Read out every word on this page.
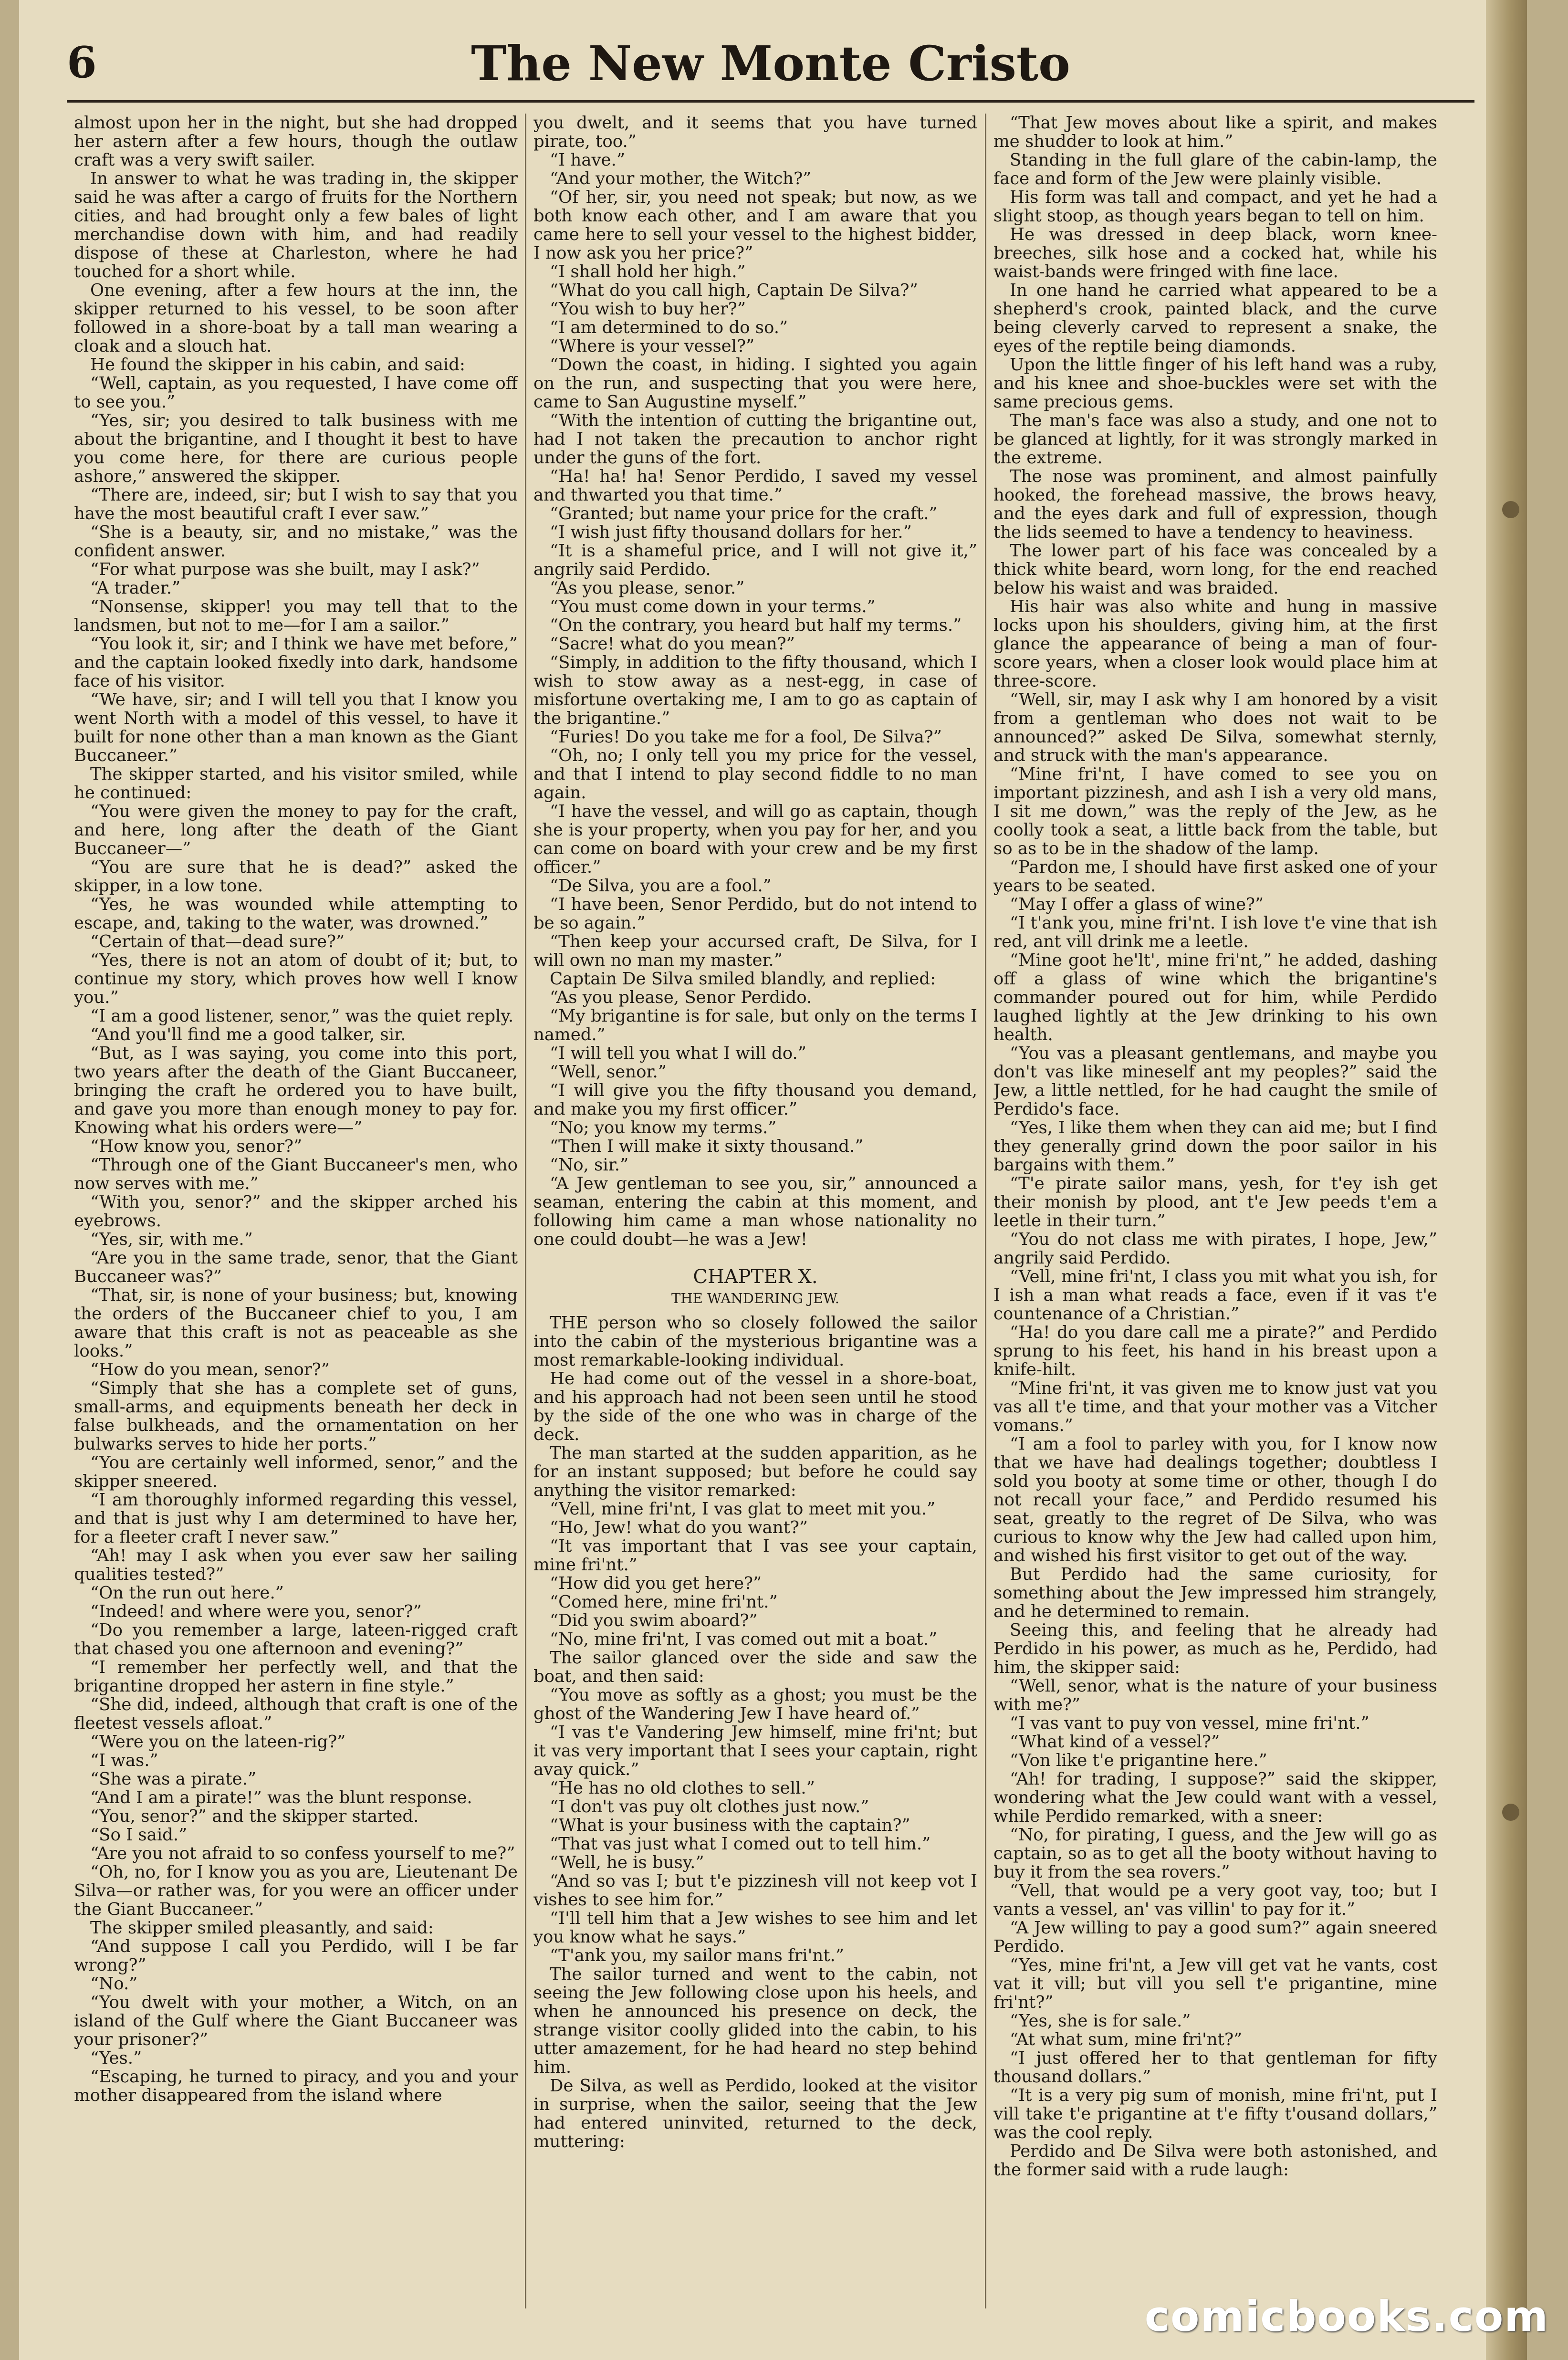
6	The New Monte Cristo

almost upon her in the night, but she had dropped her astern after a few hours, though the outlaw craft was a very swift sailer.

In answer to what he was trading in, the skipper said he was after a cargo of fruits for the Northern cities, and had brought only a few bales of light merchandise down with him, and had readily dispose of these at Charleston, where he had touched for a short while.

One evening, after a few hours at the inn, the skipper returned to his vessel, to be soon after followed in a shore-boat by a tall man wearing a cloak and a slouch hat.

He found the skipper in his cabin, and said:

“Well, captain, as you requested, I have come off to see you.”

“Yes, sir; you desired to talk business with me about the brigantine, and I thought it best to have you come here, for there are curious people ashore,” answered the skipper.

“There are, indeed, sir; but I wish to say that you have the most beautiful craft I ever saw.”

“She is a beauty, sir, and no mistake,” was the confident answer.

“For what purpose was she built, may I ask?”

“A trader.”

“Nonsense, skipper! you may tell that to the landsmen, but not to me—for I am a sailor.”

“You look it, sir; and I think we have met before,” and the captain looked fixedly into dark, handsome face of his visitor.

“We have, sir; and I will tell you that I know you went North with a model of this vessel, to have it built for none other than a man known as the Giant Buccaneer.”

The skipper started, and his visitor smiled, while he continued:

“You were given the money to pay for the craft, and here, long after the death of the Giant Buccaneer—”

“You are sure that he is dead?” asked the skipper, in a low tone.

“Yes, he was wounded while attempting to escape, and, taking to the water, was drowned.”

“Certain of that—dead sure?”

“Yes, there is not an atom of doubt of it; but, to continue my story, which proves how well I know you.”

“I am a good listener, senor,” was the quiet reply.

“And you'll find me a good talker, sir.

“But, as I was saying, you come into this port, two years after the death of the Giant Buccaneer, bringing the craft he ordered you to have built, and gave you more than enough money to pay for. Knowing what his orders were—”

“How know you, senor?”

“Through one of the Giant Buccaneer's men, who now serves with me.”

“With you, senor?” and the skipper arched his eyebrows.

“Yes, sir, with me.”

“Are you in the same trade, senor, that the Giant Buccaneer was?”

“That, sir, is none of your business; but, knowing the orders of the Buccaneer chief to you, I am aware that this craft is not as peaceable as she looks.”

“How do you mean, senor?”

“Simply that she has a complete set of guns, small-arms, and equipments beneath her deck in false bulkheads, and the ornamentation on her bulwarks serves to hide her ports.”

“You are certainly well informed, senor,” and the skipper sneered.

“I am thoroughly informed regarding this vessel, and that is just why I am determined to have her, for a fleeter craft I never saw.”

“Ah! may I ask when you ever saw her sailing qualities tested?”

“On the run out here.”

“Indeed! and where were you, senor?”

“Do you remember a large, lateen-rigged craft that chased you one afternoon and evening?”

“I remember her perfectly well, and that the brigantine dropped her astern in fine style.”

“She did, indeed, although that craft is one of the fleetest vessels afloat.”

“Were you on the lateen-rig?”

“I was.”

“She was a pirate.”

“And I am a pirate!” was the blunt response.

“You, senor?” and the skipper started.

“So I said.”

“Are you not afraid to so confess yourself to me?”

“Oh, no, for I know you as you are, Lieutenant De Silva—or rather was, for you were an officer under the Giant Buccaneer.”

The skipper smiled pleasantly, and said:

“And suppose I call you Perdido, will I be far wrong?”

“No.”

“You dwelt with your mother, a Witch, on an island of the Gulf where the Giant Buccaneer was your prisoner?”

“Yes.”

“Escaping, he turned to piracy, and you and your mother disappeared from the island where

you dwelt, and it seems that you have turned pirate, too.”

“I have.”

“And your mother, the Witch?”

“Of her, sir, you need not speak; but now, as we both know each other, and I am aware that you came here to sell your vessel to the highest bidder, I now ask you her price?”

“I shall hold her high.”

“What do you call high, Captain De Silva?”

“You wish to buy her?”

“I am determined to do so.”

“Where is your vessel?”

“Down the coast, in hiding. I sighted you again on the run, and suspecting that you were here, came to San Augustine myself.”

“With the intention of cutting the brigantine out, had I not taken the precaution to anchor right under the guns of the fort.

“Ha! ha! ha! Senor Perdido, I saved my vessel and thwarted you that time.”

“Granted; but name your price for the craft.”

“I wish just fifty thousand dollars for her.”

“It is a shameful price, and I will not give it,” angrily said Perdido.

“As you please, senor.”

“You must come down in your terms.”

“On the contrary, you heard but half my terms.”

“Sacre! what do you mean?”

“Simply, in addition to the fifty thousand, which I wish to stow away as a nest-egg, in case of misfortune overtaking me, I am to go as captain of the brigantine.”

“Furies! Do you take me for a fool, De Silva?”

“Oh, no; I only tell you my price for the vessel, and that I intend to play second fiddle to no man again.

“I have the vessel, and will go as captain, though she is your property, when you pay for her, and you can come on board with your crew and be my first officer.”

“De Silva, you are a fool.”

“I have been, Senor Perdido, but do not intend to be so again.”

“Then keep your accursed craft, De Silva, for I will own no man my master.”

Captain De Silva smiled blandly, and replied:

“As you please, Senor Perdido.

“My brigantine is for sale, but only on the terms I named.”

“I will tell you what I will do.”

“Well, senor.”

“I will give you the fifty thousand you demand, and make you my first officer.”

“No; you know my terms.”

“Then I will make it sixty thousand.”

“No, sir.”

“A Jew gentleman to see you, sir,” announced a seaman, entering the cabin at this moment, and following him came a man whose nationality no one could doubt—he was a Jew!

CHAPTER X.
THE WANDERING JEW.

THE person who so closely followed the sailor into the cabin of the mysterious brigantine was a most remarkable-looking individual.

He had come out of the vessel in a shore-boat, and his approach had not been seen until he stood by the side of the one who was in charge of the deck.

The man started at the sudden apparition, as he for an instant supposed; but before he could say anything the visitor remarked:

“Vell, mine fri'nt, I vas glat to meet mit you.”

“Ho, Jew! what do you want?”

“It vas important that I vas see your captain, mine fri'nt.”

“How did you get here?”

“Comed here, mine fri'nt.”

“Did you swim aboard?”

“No, mine fri'nt, I vas comed out mit a boat.”

The sailor glanced over the side and saw the boat, and then said:

“You move as softly as a ghost; you must be the ghost of the Wandering Jew I have heard of.”

“I vas t'e Vandering Jew himself, mine fri'nt; but it vas very important that I sees your captain, right avay quick.”

“He has no old clothes to sell.”

“I don't vas puy olt clothes just now.”

“What is your business with the captain?”

“That vas just what I comed out to tell him.”

“Well, he is busy.”

“And so vas I; but t'e pizzinesh vill not keep vot I vishes to see him for.”

“I'll tell him that a Jew wishes to see him and let you know what he says.”

“T'ank you, my sailor mans fri'nt.”

The sailor turned and went to the cabin, not seeing the Jew following close upon his heels, and when he announced his presence on deck, the strange visitor coolly glided into the cabin, to his utter amazement, for he had heard no step behind him.

De Silva, as well as Perdido, looked at the visitor in surprise, when the sailor, seeing that the Jew had entered uninvited, returned to the deck, muttering:

“That Jew moves about like a spirit, and makes me shudder to look at him.”

Standing in the full glare of the cabin-lamp, the face and form of the Jew were plainly visible.

His form was tall and compact, and yet he had a slight stoop, as though years began to tell on him.

He was dressed in deep black, worn knee-breeches, silk hose and a cocked hat, while his waist-bands were fringed with fine lace.

In one hand he carried what appeared to be a shepherd's crook, painted black, and the curve being cleverly carved to represent a snake, the eyes of the reptile being diamonds.

Upon the little finger of his left hand was a ruby, and his knee and shoe-buckles were set with the same precious gems.

The man's face was also a study, and one not to be glanced at lightly, for it was strongly marked in the extreme.

The nose was prominent, and almost painfully hooked, the forehead massive, the brows heavy, and the eyes dark and full of expression, though the lids seemed to have a tendency to heaviness.

The lower part of his face was concealed by a thick white beard, worn long, for the end reached below his waist and was braided.

His hair was also white and hung in massive locks upon his shoulders, giving him, at the first glance the appearance of being a man of four-score years, when a closer look would place him at three-score.

“Well, sir, may I ask why I am honored by a visit from a gentleman who does not wait to be announced?” asked De Silva, somewhat sternly, and struck with the man's appearance.

“Mine fri'nt, I have comed to see you on important pizzinesh, and ash I ish a very old mans, I sit me down,” was the reply of the Jew, as he coolly took a seat, a little back from the table, but so as to be in the shadow of the lamp.

“Pardon me, I should have first asked one of your years to be seated.

“May I offer a glass of wine?”

“I t'ank you, mine fri'nt. I ish love t'e vine that ish red, ant vill drink me a leetle.

“Mine goot he'lt', mine fri'nt,” he added, dashing off a glass of wine which the brigantine's commander poured out for him, while Perdido laughed lightly at the Jew drinking to his own health.

“You vas a pleasant gentlemans, and maybe you don't vas like mineself ant my peoples?” said the Jew, a little nettled, for he had caught the smile of Perdido's face.

“Yes, I like them when they can aid me; but I find they generally grind down the poor sailor in his bargains with them.”

“T'e pirate sailor mans, yesh, for t'ey ish get their monish by plood, ant t'e Jew peeds t'em a leetle in their turn.”

“You do not class me with pirates, I hope, Jew,” angrily said Perdido.

“Vell, mine fri'nt, I class you mit what you ish, for I ish a man what reads a face, even if it vas t'e countenance of a Christian.”

“Ha! do you dare call me a pirate?” and Perdido sprung to his feet, his hand in his breast upon a knife-hilt.

“Mine fri'nt, it vas given me to know just vat you vas all t'e time, and that your mother vas a Vitcher vomans.”

“I am a fool to parley with you, for I know now that we have had dealings together; doubtless I sold you booty at some time or other, though I do not recall your face,” and Perdido resumed his seat, greatly to the regret of De Silva, who was curious to know why the Jew had called upon him, and wished his first visitor to get out of the way.

But Perdido had the same curiosity, for something about the Jew impressed him strangely, and he determined to remain.

Seeing this, and feeling that he already had Perdido in his power, as much as he, Perdido, had him, the skipper said:

“Well, senor, what is the nature of your business with me?”

“I vas vant to puy von vessel, mine fri'nt.”

“What kind of a vessel?”

“Von like t'e prigantine here.”

“Ah! for trading, I suppose?” said the skipper, wondering what the Jew could want with a vessel, while Perdido remarked, with a sneer:

“No, for pirating, I guess, and the Jew will go as captain, so as to get all the booty without having to buy it from the sea rovers.”

“Vell, that would pe a very goot vay, too; but I vants a vessel, an' vas villin' to pay for it.”

“A Jew willing to pay a good sum?” again sneered Perdido.

“Yes, mine fri'nt, a Jew vill get vat he vants, cost vat it vill; but vill you sell t'e prigantine, mine fri'nt?”

“Yes, she is for sale.”

“At what sum, mine fri'nt?”

“I just offered her to that gentleman for fifty thousand dollars.”

“It is a very pig sum of monish, mine fri'nt, put I vill take t'e prigantine at t'e fifty t'ousand dollars,” was the cool reply.

Perdido and De Silva were both astonished, and the former said with a rude laugh:

comicbooks.com
